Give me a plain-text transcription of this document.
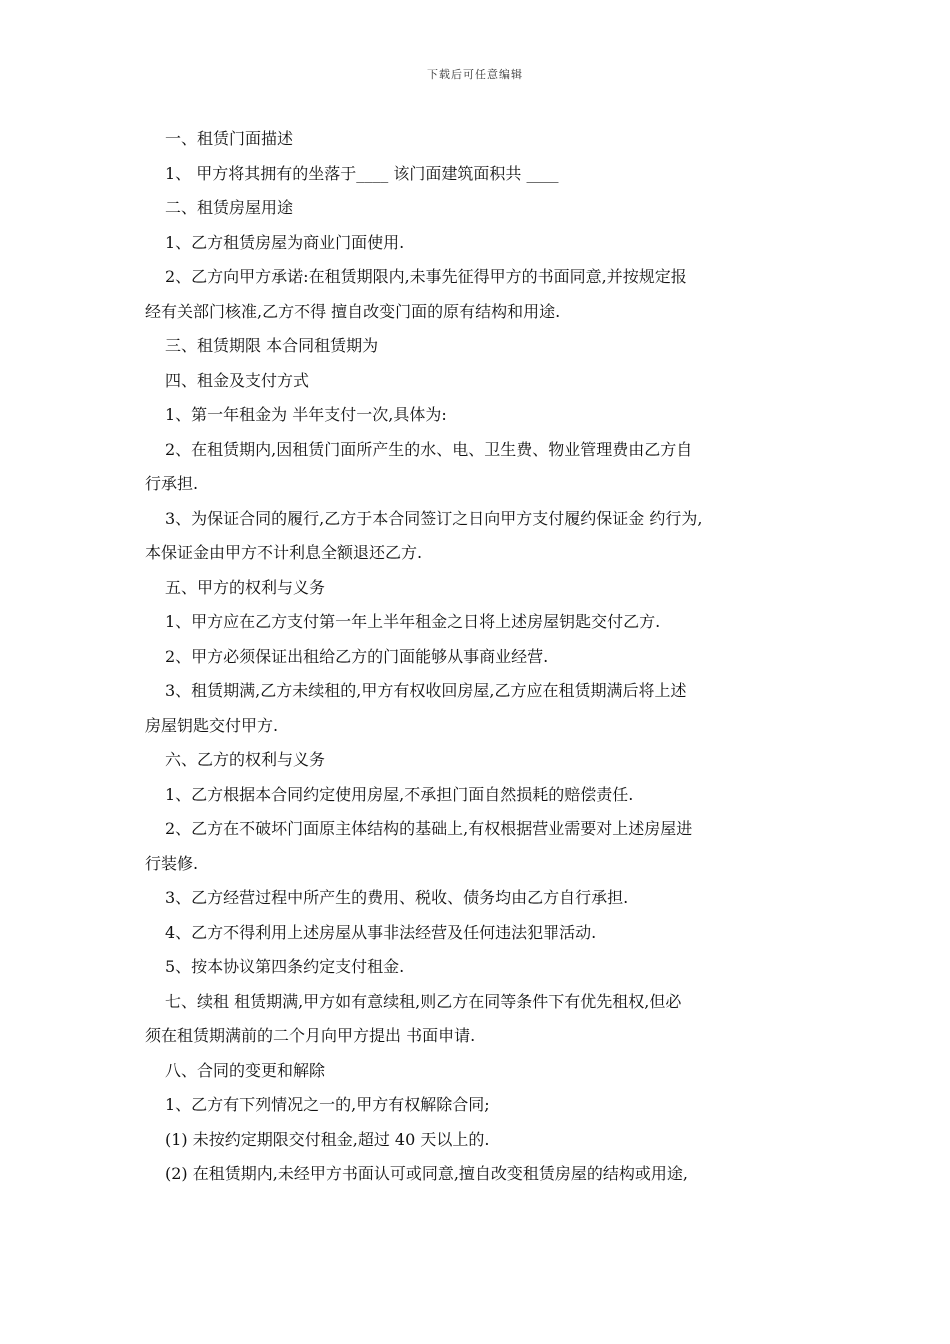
下载后可任意编辑
一、租赁门面描述
1、 甲方将其拥有的坐落于____ 该门面建筑面积共 ____
二、租赁房屋用途
1、乙方租赁房屋为商业门面使用.
2、乙方向甲方承诺:在租赁期限内,未事先征得甲方的书面同意,并按规定报
经有关部门核准,乙方不得 擅自改变门面的原有结构和用途.
三、租赁期限 本合同租赁期为
四、租金及支付方式
1、第一年租金为 半年支付一次,具体为:
2、在租赁期内,因租赁门面所产生的水、电、卫生费、物业管理费由乙方自
行承担.
3、为保证合同的履行,乙方于本合同签订之日向甲方支付履约保证金 约行为,
本保证金由甲方不计利息全额退还乙方.
五、甲方的权利与义务
1、甲方应在乙方支付第一年上半年租金之日将上述房屋钥匙交付乙方.
2、甲方必须保证出租给乙方的门面能够从事商业经营.
3、租赁期满,乙方未续租的,甲方有权收回房屋,乙方应在租赁期满后将上述
房屋钥匙交付甲方.
六、乙方的权利与义务
1、乙方根据本合同约定使用房屋,不承担门面自然损耗的赔偿责任.
2、乙方在不破坏门面原主体结构的基础上,有权根据营业需要对上述房屋进
行装修.
3、乙方经营过程中所产生的费用、税收、债务均由乙方自行承担.
4、乙方不得利用上述房屋从事非法经营及任何违法犯罪活动.
5、按本协议第四条约定支付租金.
七、续租 租赁期满,甲方如有意续租,则乙方在同等条件下有优先租权,但必
须在租赁期满前的二个月向甲方提出 书面申请.
八、合同的变更和解除
1、乙方有下列情况之一的,甲方有权解除合同;
(1) 未按约定期限交付租金,超过 40 天以上的.
(2) 在租赁期内,未经甲方书面认可或同意,擅自改变租赁房屋的结构或用途,
